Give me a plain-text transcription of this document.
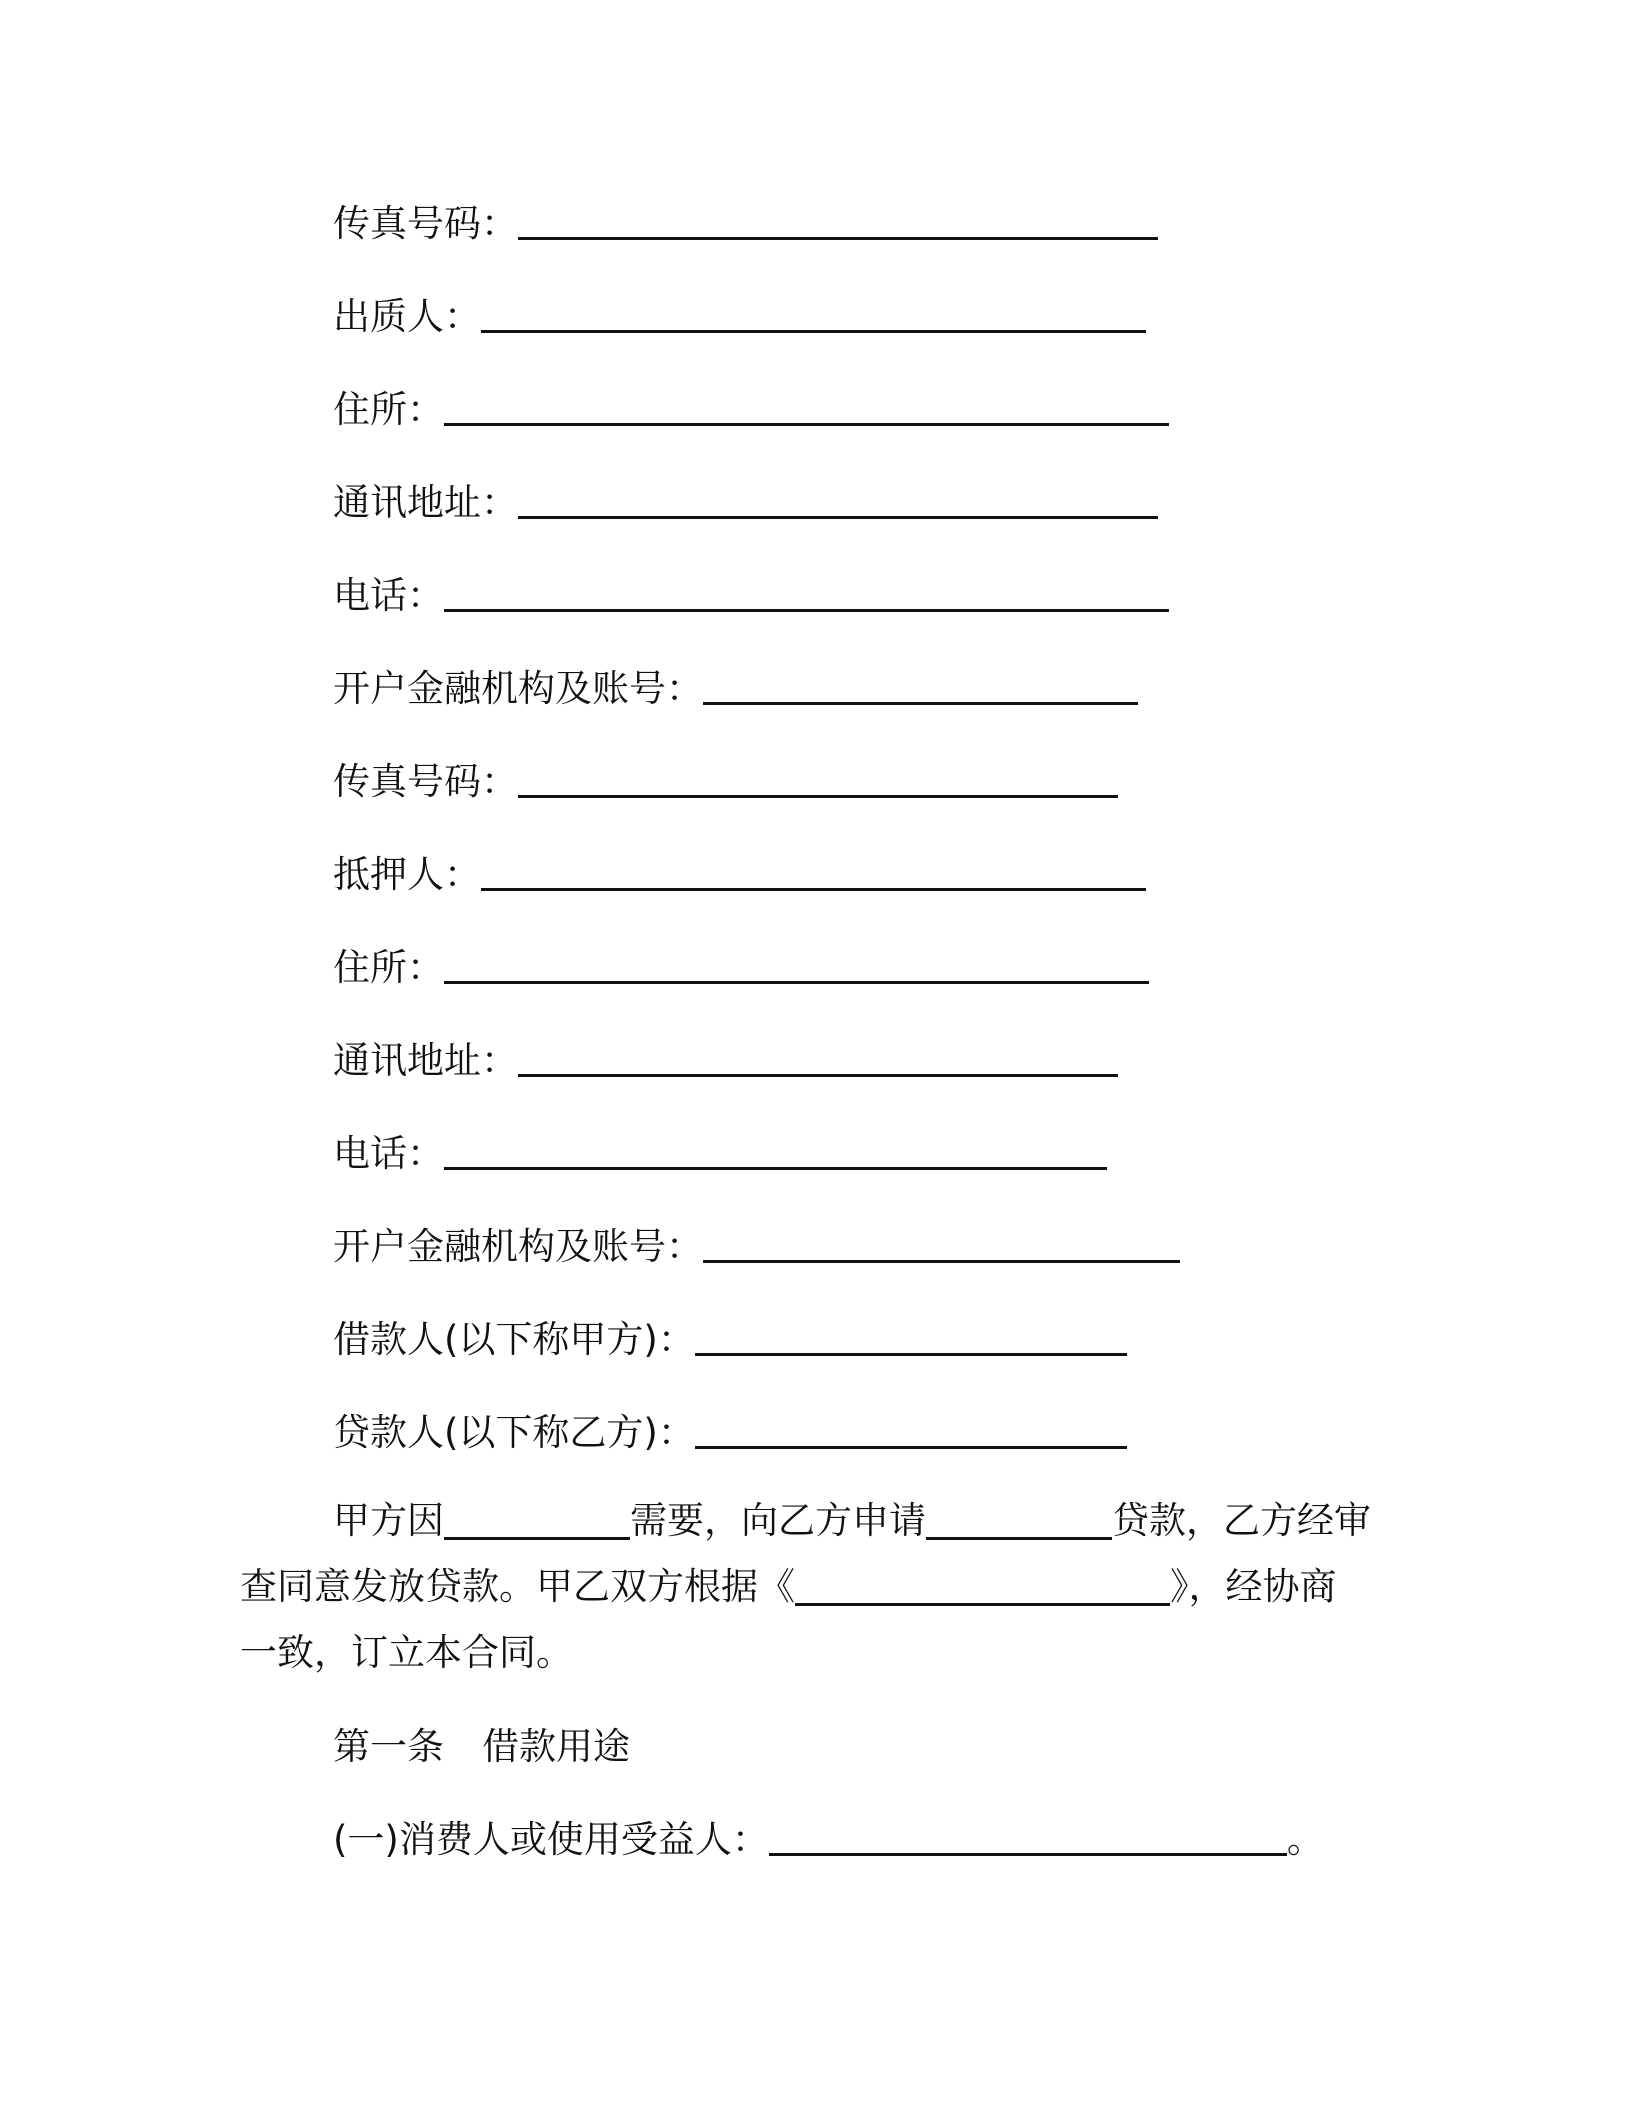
传真号码：
出质人：
住所：
通讯地址：
电话：
开户金融机构及账号：
传真号码：
抵押人：
住所：
通讯地址：
电话：
开户金融机构及账号：
借款人(以下称甲方)：
贷款人(以下称乙方)：
甲方因	需要，向乙方申请	贷款，乙方经审
查同意发放贷款。甲乙双方根据《	》，经协商
一致，订立本合同。
第一条 借款用途
(一)消费人或使用受益人：	。
